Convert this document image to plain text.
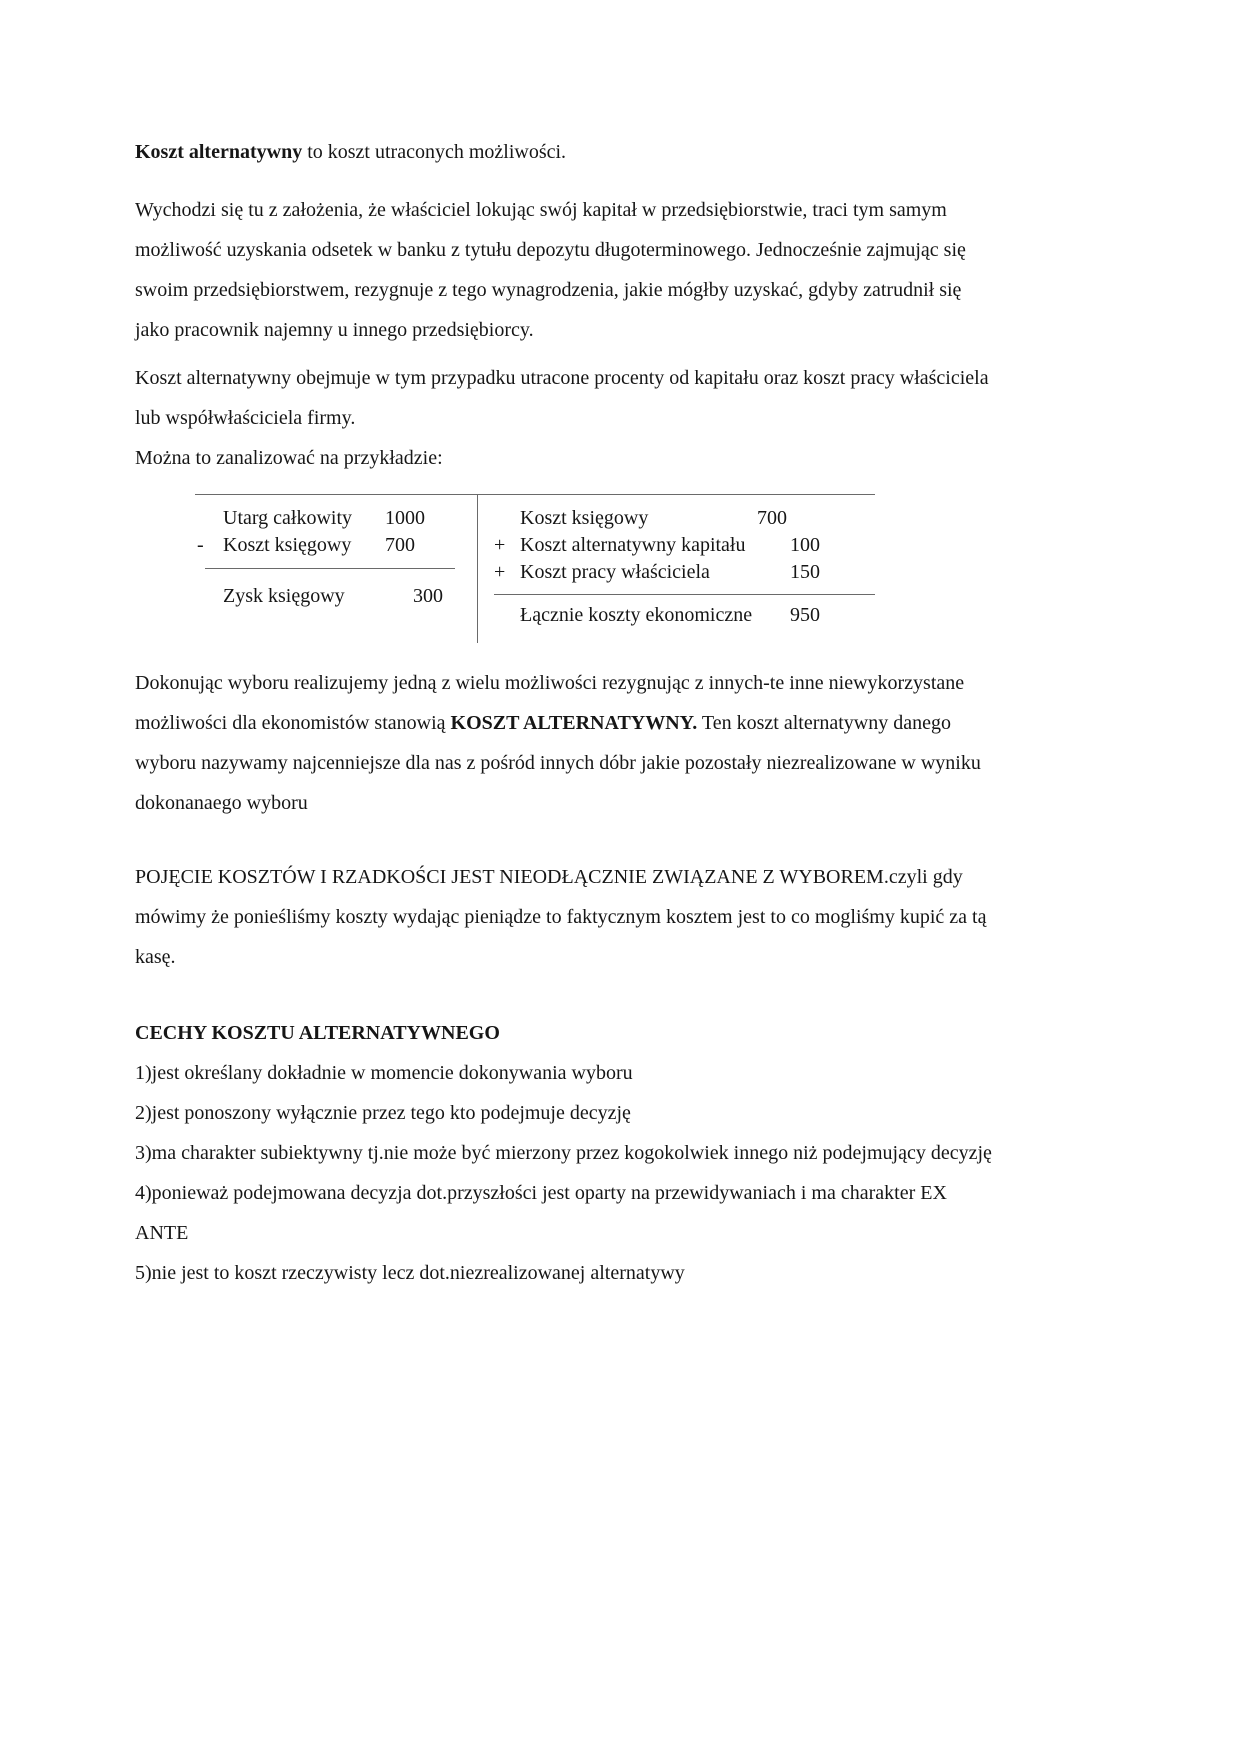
Koszt alternatywny to koszt utraconych możliwości.

Wychodzi się tu z założenia, że właściciel lokując swój kapitał w przedsiębiorstwie, traci tym samym możliwość uzyskania odsetek w banku z tytułu depozytu długoterminowego. Jednocześnie zajmując się swoim przedsiębiorstwem, rezygnuje z tego wynagrodzenia, jakie mógłby uzyskać, gdyby zatrudnił się jako pracownik najemny u innego przedsiębiorcy.

Koszt alternatywny obejmuje w tym przypadku utracone procenty od kapitału oraz koszt pracy właściciela lub współwłaściciela firmy.

Można to zanalizować na przykładzie:

Utarg całkowity	1000
- Koszt księgowy	700
Zysk księgowy	300
Koszt księgowy	700
+ Koszt alternatywny kapitału	100
+ Koszt pracy właściciela	150
Łącznie koszty ekonomiczne	950

Dokonując wyboru realizujemy jedną z wielu możliwości rezygnując z innych-te inne niewykorzystane możliwości dla ekonomistów stanowią KOSZT ALTERNATYWNY. Ten koszt alternatywny danego wyboru nazywamy najcenniejsze dla nas z pośród innych dóbr jakie pozostały niezrealizowane w wyniku dokonanaego wyboru

POJĘCIE KOSZTÓW I RZADKOŚCI JEST NIEODŁĄCZNIE ZWIĄZANE Z WYBOREM.czyli gdy mówimy że ponieśliśmy koszty wydając pieniądze to faktycznym kosztem jest to co mogliśmy kupić za tą kasę.

CECHY KOSZTU ALTERNATYWNEGO
1)jest określany dokładnie w momencie dokonywania wyboru
2)jest ponoszony wyłącznie przez tego kto podejmuje decyzję
3)ma charakter subiektywny tj.nie może być mierzony przez kogokolwiek innego niż podejmujący decyzję
4)ponieważ podejmowana decyzja dot.przyszłości jest oparty na przewidywaniach i ma charakter EX ANTE
5)nie jest to koszt rzeczywisty lecz dot.niezrealizowanej alternatywy
